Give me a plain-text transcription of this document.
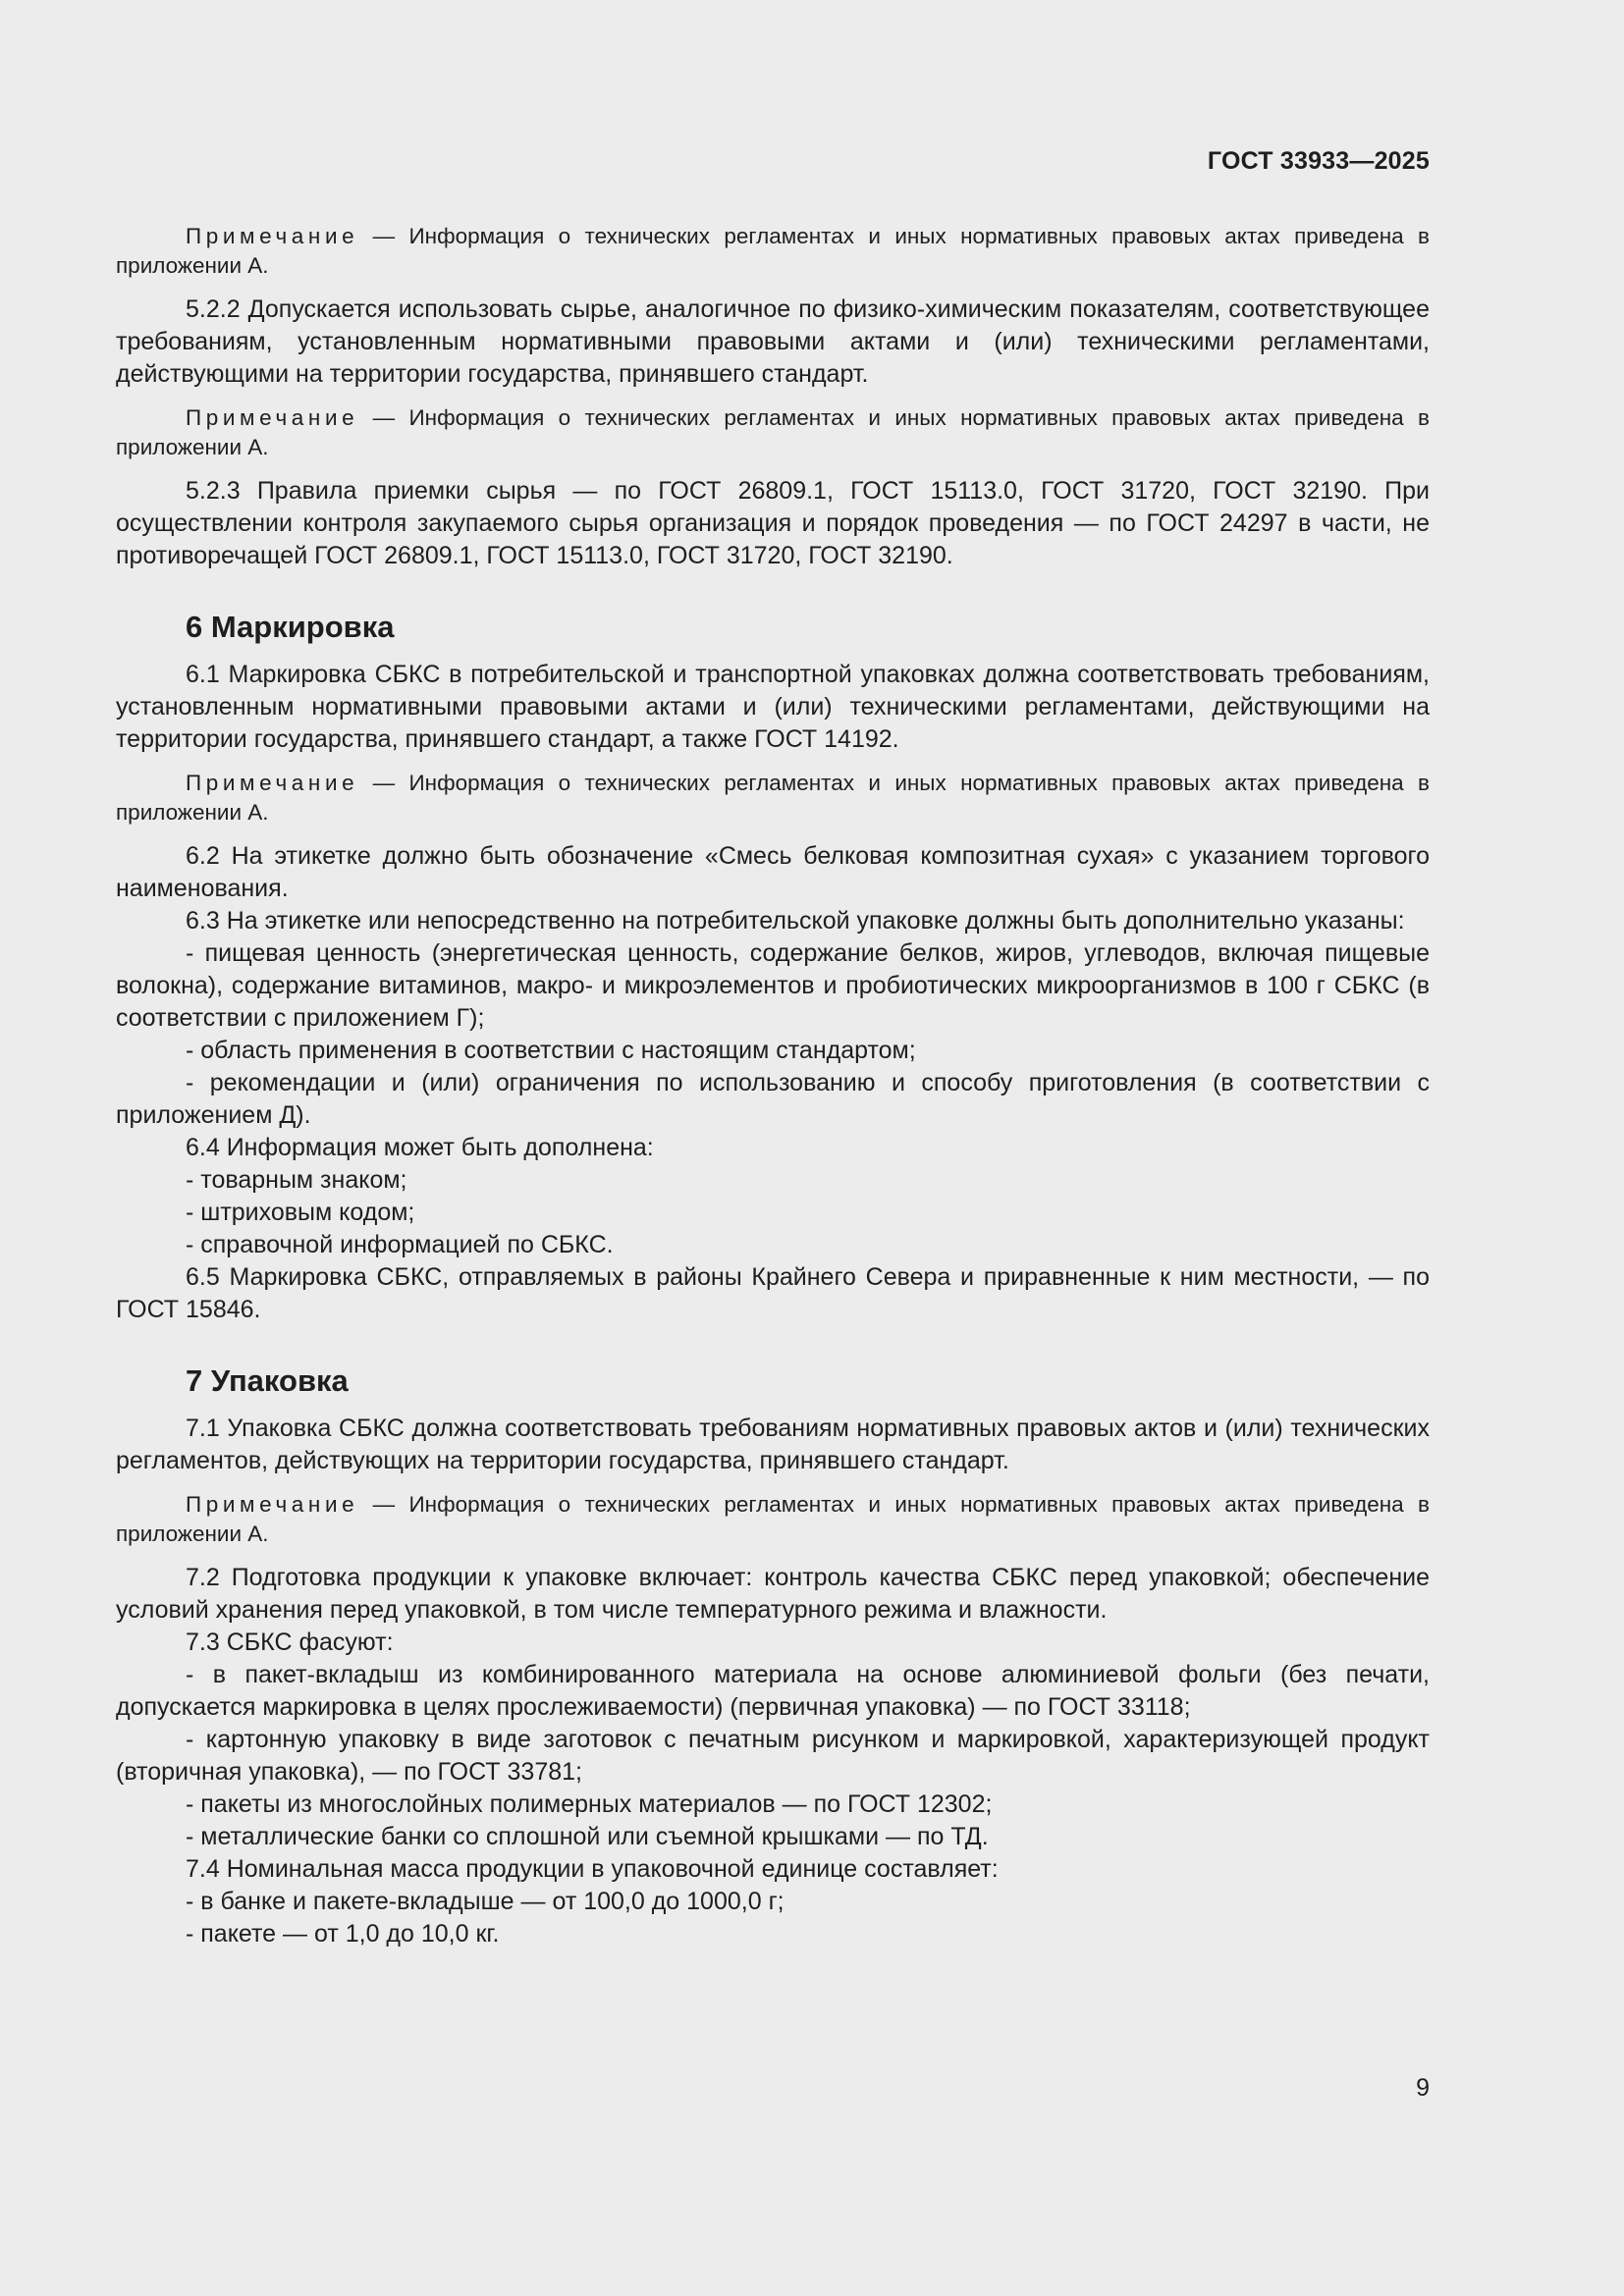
ГОСТ 33933—2025

Примечание — Информация о технических регламентах и иных нормативных правовых актах приведена в приложении А.

5.2.2 Допускается использовать сырье, аналогичное по физико-химическим показателям, соответствующее требованиям, установленным нормативными правовыми актами и (или) техническими регламентами, действующими на территории государства, принявшего стандарт.

Примечание — Информация о технических регламентах и иных нормативных правовых актах приведена в приложении А.

5.2.3 Правила приемки сырья — по ГОСТ 26809.1, ГОСТ 15113.0, ГОСТ 31720, ГОСТ 32190. При осуществлении контроля закупаемого сырья организация и порядок проведения — по ГОСТ 24297 в части, не противоречащей ГОСТ 26809.1, ГОСТ 15113.0, ГОСТ 31720, ГОСТ 32190.

6 Маркировка

6.1 Маркировка СБКС в потребительской и транспортной упаковках должна соответствовать требованиям, установленным нормативными правовыми актами и (или) техническими регламентами, действующими на территории государства, принявшего стандарт, а также ГОСТ 14192.

Примечание — Информация о технических регламентах и иных нормативных правовых актах приведена в приложении А.

6.2 На этикетке должно быть обозначение «Смесь белковая композитная сухая» с указанием торгового наименования.

6.3 На этикетке или непосредственно на потребительской упаковке должны быть дополнительно указаны:

- пищевая ценность (энергетическая ценность, содержание белков, жиров, углеводов, включая пищевые волокна), содержание витаминов, макро- и микроэлементов и пробиотических микроорганизмов в 100 г СБКС (в соответствии с приложением Г);

- область применения в соответствии с настоящим стандартом;

- рекомендации и (или) ограничения по использованию и способу приготовления (в соответствии с приложением Д).

6.4 Информация может быть дополнена:

- товарным знаком;

- штриховым кодом;

- справочной информацией по СБКС.

6.5 Маркировка СБКС, отправляемых в районы Крайнего Севера и приравненные к ним местности, — по ГОСТ 15846.

7 Упаковка

7.1 Упаковка СБКС должна соответствовать требованиям нормативных правовых актов и (или) технических регламентов, действующих на территории государства, принявшего стандарт.

Примечание — Информация о технических регламентах и иных нормативных правовых актах приведена в приложении А.

7.2 Подготовка продукции к упаковке включает: контроль качества СБКС перед упаковкой; обеспечение условий хранения перед упаковкой, в том числе температурного режима и влажности.

7.3 СБКС фасуют:

- в пакет-вкладыш из комбинированного материала на основе алюминиевой фольги (без печати, допускается маркировка в целях прослеживаемости) (первичная упаковка) — по ГОСТ 33118;

- картонную упаковку в виде заготовок с печатным рисунком и маркировкой, характеризующей продукт (вторичная упаковка), — по ГОСТ 33781;

- пакеты из многослойных полимерных материалов — по ГОСТ 12302;

- металлические банки со сплошной или съемной крышками — по ТД.

7.4 Номинальная масса продукции в упаковочной единице составляет:

- в банке и пакете-вкладыше — от 100,0 до 1000,0 г;

- пакете — от 1,0 до 10,0 кг.

9
